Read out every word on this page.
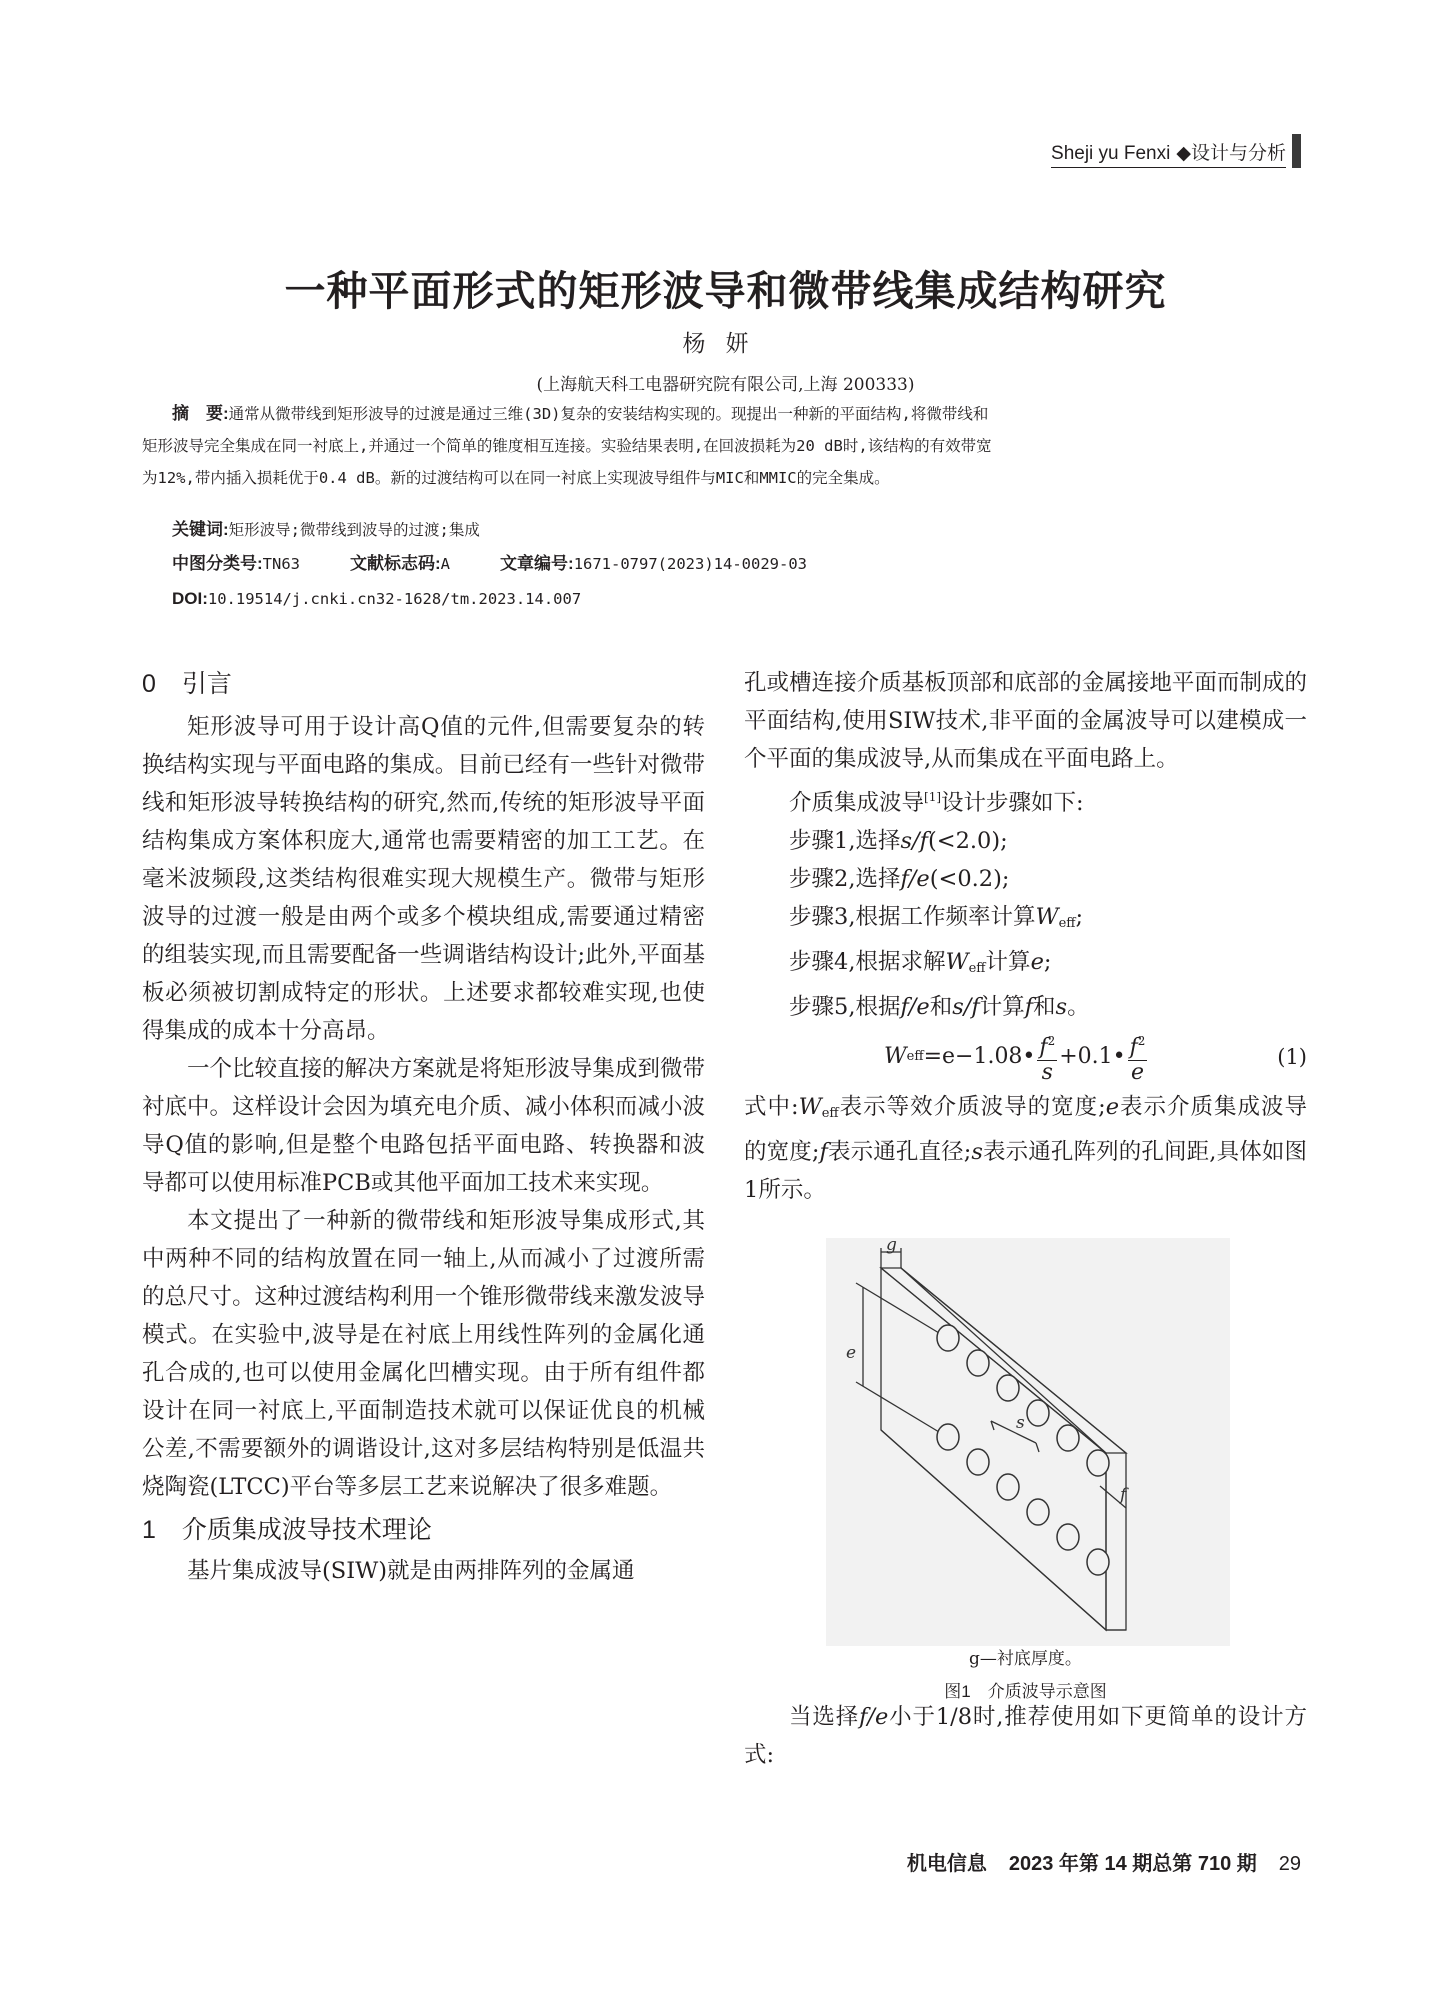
Sheji yu Fenxi ◆设计与分析
一种平面形式的矩形波导和微带线集成结构研究
杨妍
(上海航天科工电器研究院有限公司,上海 200333)
摘　要:通常从微带线到矩形波导的过渡是通过三维(3D)复杂的安装结构实现的。现提出一种新的平面结构,将微带线和
矩形波导完全集成在同一衬底上,并通过一个简单的锥度相互连接。实验结果表明,在回波损耗为20 dB时,该结构的有效带宽
为12%,带内插入损耗优于0.4 dB。新的过渡结构可以在同一衬底上实现波导组件与MIC和MMIC的完全集成。
关键词:矩形波导;微带线到波导的过渡;集成
中图分类号:TN63	文献标志码:A	文章编号:1671-0797(2023)14-0029-03
DOI:10.19514/j.cnki.cn32-1628/tm.2023.14.007
0 引言

矩形波导可用于设计高Q值的元件,但需要复杂的转换结构实现与平面电路的集成。目前已经有一些针对微带线和矩形波导转换结构的研究,然而,传统的矩形波导平面结构集成方案体积庞大,通常也需要精密的加工工艺。在毫米波频段,这类结构很难实现大规模生产。微带与矩形波导的过渡一般是由两个或多个模块组成,需要通过精密的组装实现,而且需要配备一些调谐结构设计;此外,平面基板必须被切割成特定的形状。上述要求都较难实现,也使得集成的成本十分高昂。

一个比较直接的解决方案就是将矩形波导集成到微带衬底中。这样设计会因为填充电介质、减小体积而减小波导Q值的影响,但是整个电路包括平面电路、转换器和波导都可以使用标准PCB或其他平面加工技术来实现。

本文提出了一种新的微带线和矩形波导集成形式,其中两种不同的结构放置在同一轴上,从而减小了过渡所需的总尺寸。这种过渡结构利用一个锥形微带线来激发波导模式。在实验中,波导是在衬底上用线性阵列的金属化通孔合成的,也可以使用金属化凹槽实现。由于所有组件都设计在同一衬底上,平面制造技术就可以保证优良的机械公差,不需要额外的调谐设计,这对多层结构特别是低温共烧陶瓷(LTCC)平台等多层工艺来说解决了很多难题。

1 介质集成波导技术理论

基片集成波导(SIW)就是由两排阵列的金属通

孔或槽连接介质基板顶部和底部的金属接地平面而制成的平面结构,使用SIW技术,非平面的金属波导可以建模成一个平面的集成波导,从而集成在平面电路上。

介质集成波导[1]设计步骤如下:

步骤1,选择s/f(<2.0);

步骤2,选择f/e(<0.2);

步骤3,根据工作频率计算$W_{eff}$;

步骤4,根据求解$W_{eff}$计算e;

步骤5,根据f/e和s/f计算f和s。

W eff =e−1.08• $f^2$
s
+0.1• $f^2$
e
(1)

式中$:W_{eff}$表示等效介质波导的宽度;e表示介质集成波导的宽度;f表示通孔直径;s表示通孔阵列的孔间距,具体如图1所示。

g
e
s
f
g—衬底厚度。
图1　介质波导示意图

当选择f/e小于1/8时,推荐使用如下更简单的设计方式:

机电信息 2023 年第 14 期总第 710 期 29
